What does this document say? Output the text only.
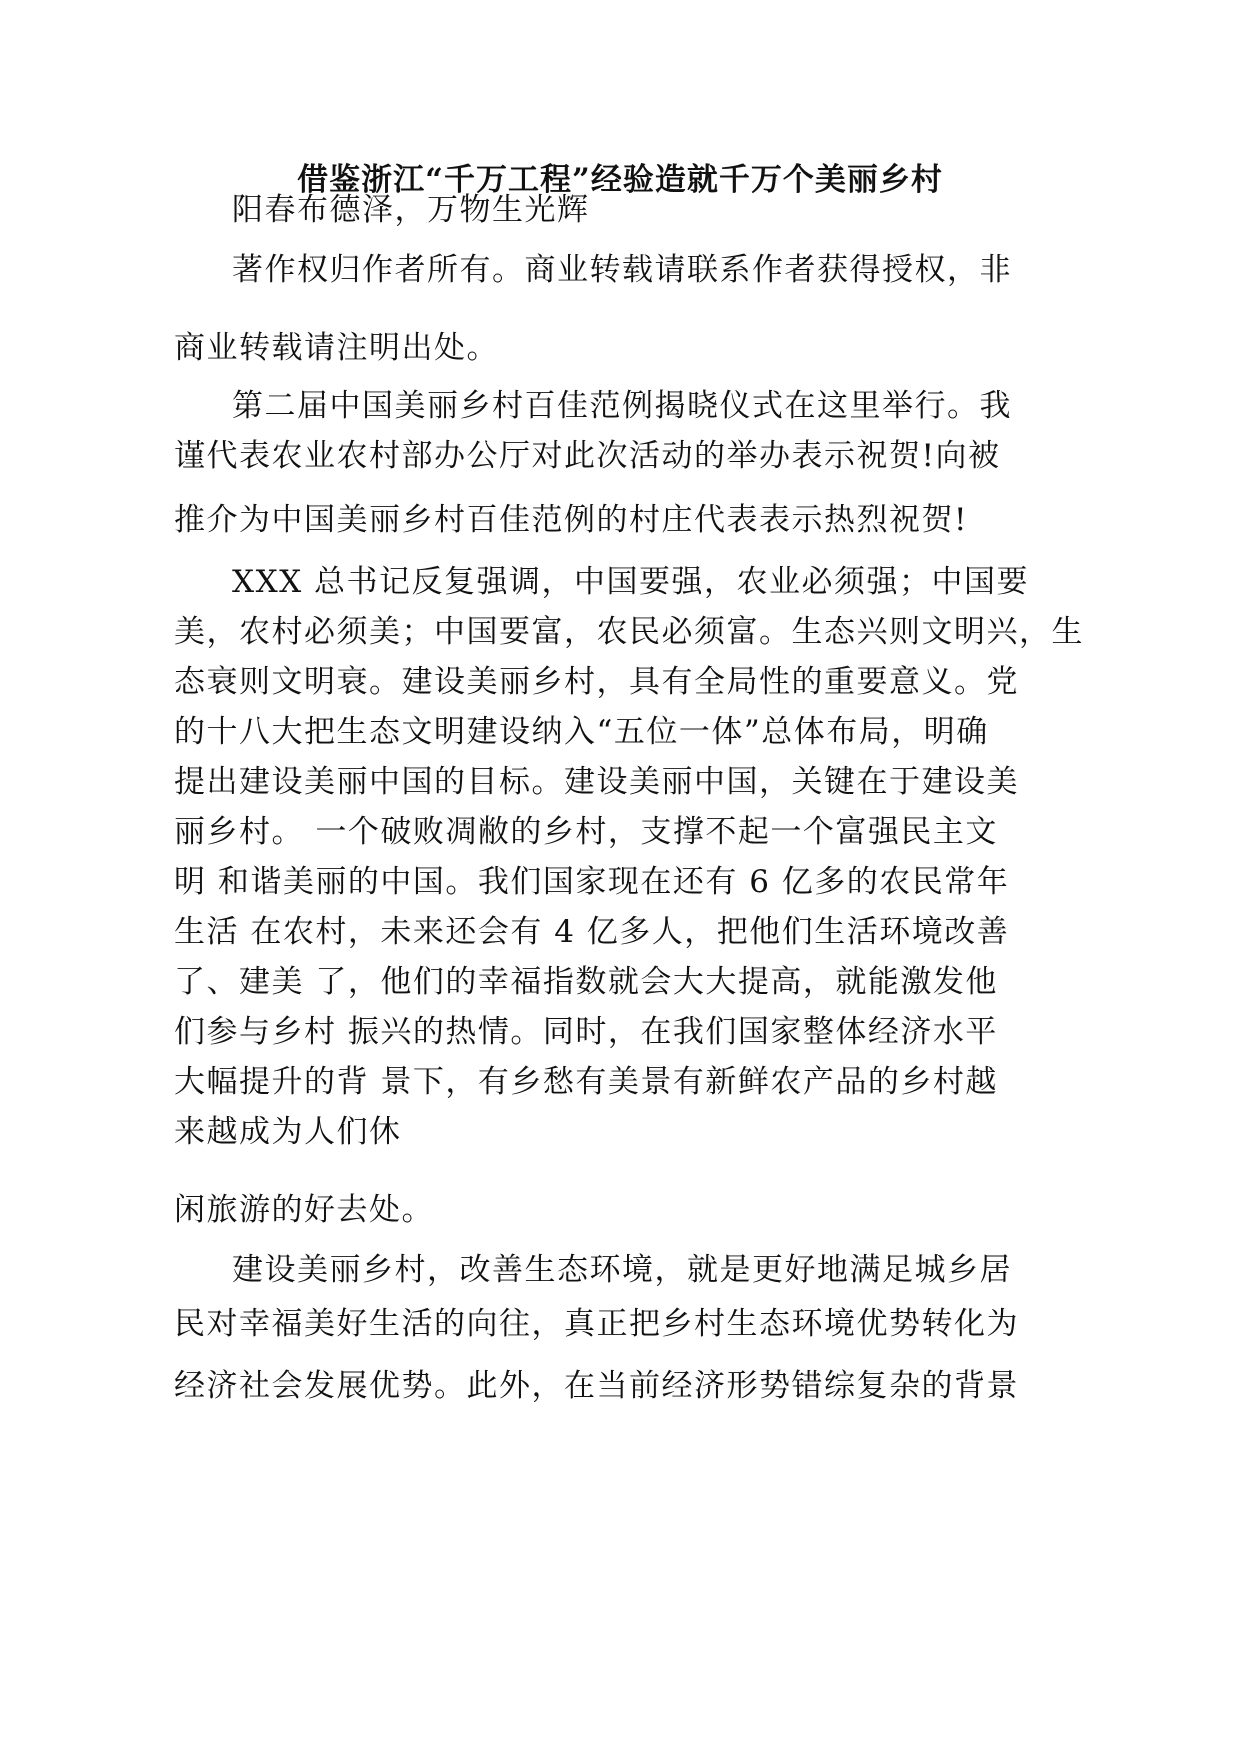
借鉴浙江“千万工程”经验造就千万个美丽乡村
阳春布德泽，万物生光辉
著作权归作者所有。商业转载请联系作者获得授权，非
商业转载请注明出处。
第二届中国美丽乡村百佳范例揭晓仪式在这里举行。我
谨代表农业农村部办公厅对此次活动的举办表示祝贺!向被
推介为中国美丽乡村百佳范例的村庄代表表示热烈祝贺!
XXX 总书记反复强调，中国要强，农业必须强；中国要
美，农村必须美；中国要富，农民必须富。生态兴则文明兴，生
态衰则文明衰。建设美丽乡村，具有全局性的重要意义。党
的十八大把生态文明建设纳入“五位一体”总体布局，明确
提出建设美丽中国的目标。建设美丽中国，关键在于建设美
丽乡村。 一个破败凋敝的乡村，支撑不起一个富强民主文
明 和谐美丽的中国。我们国家现在还有 6 亿多的农民常年
生活 在农村，未来还会有 4 亿多人，把他们生活环境改善
了、建美 了，他们的幸福指数就会大大提高，就能激发他
们参与乡村 振兴的热情。同时，在我们国家整体经济水平
大幅提升的背 景下，有乡愁有美景有新鲜农产品的乡村越
来越成为人们休
闲旅游的好去处。
建设美丽乡村，改善生态环境，就是更好地满足城乡居
民对幸福美好生活的向往，真正把乡村生态环境优势转化为
经济社会发展优势。此外，在当前经济形势错综复杂的背景
